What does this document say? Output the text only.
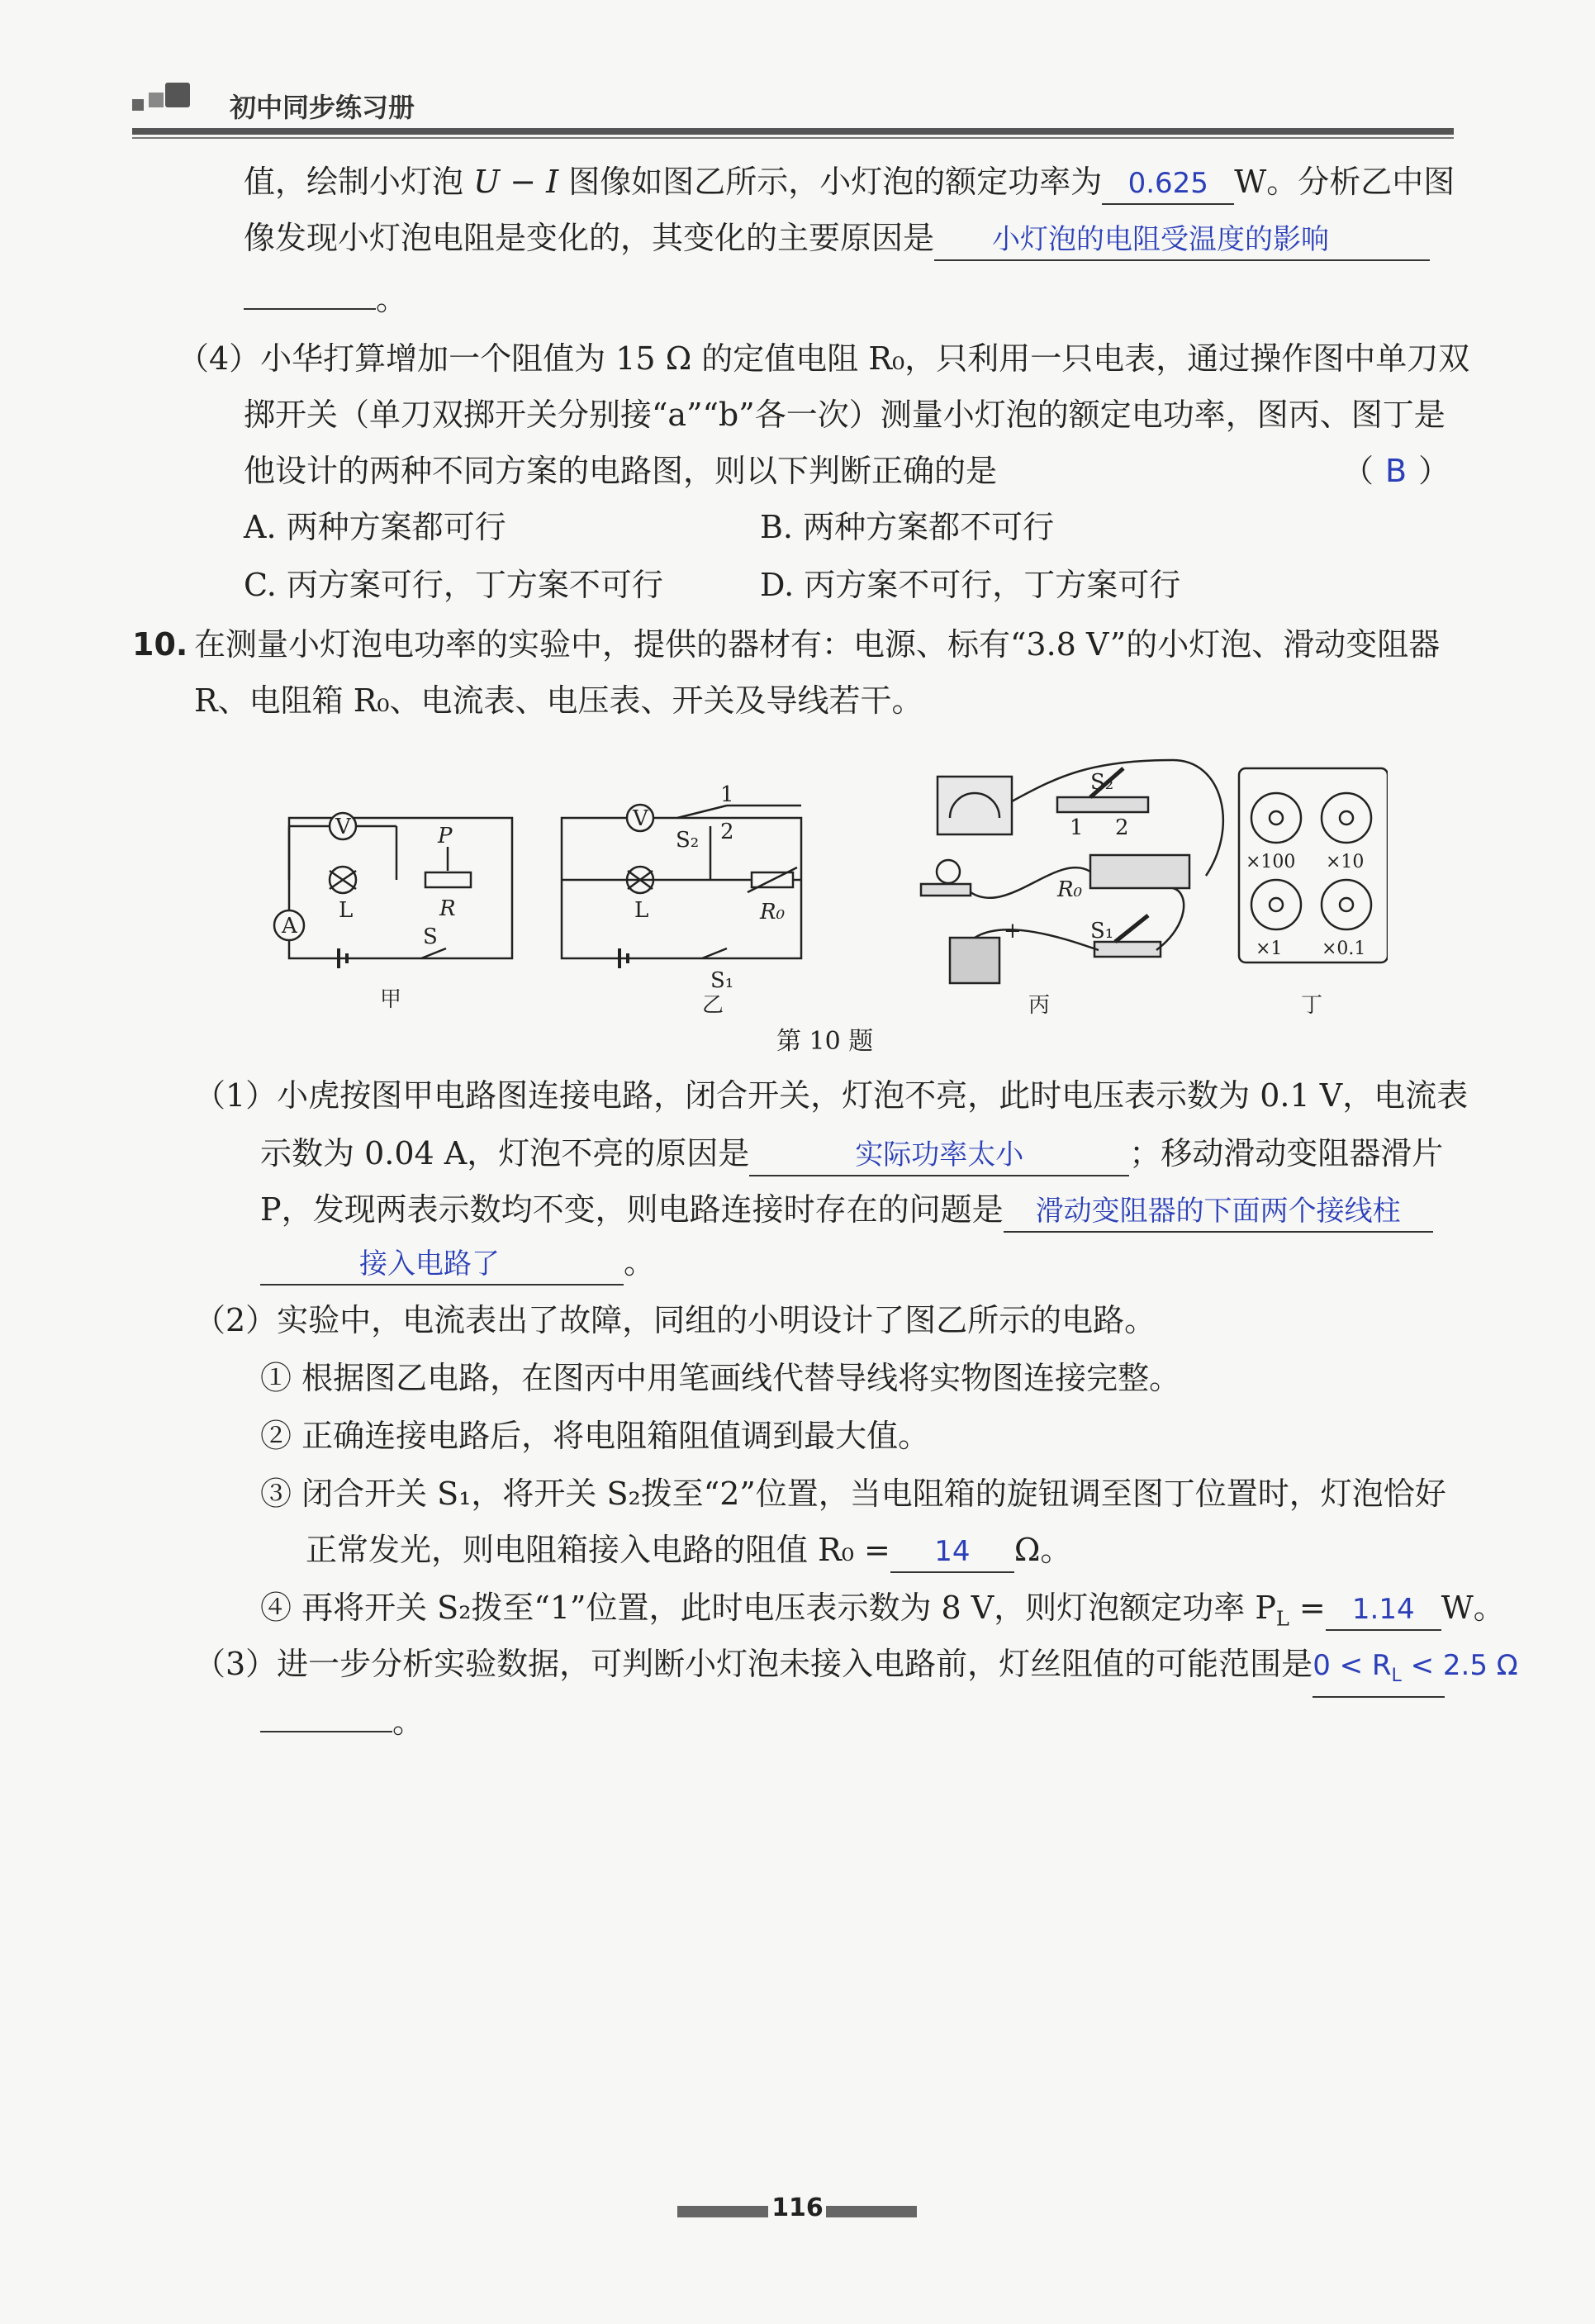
初中同步练习册
值，绘制小灯泡 U − I 图像如图乙所示，小灯泡的额定功率为 0.625 W。分析乙中图
像发现小灯泡电阻是变化的，其变化的主要原因是 小灯泡的电阻受温度的影响
。
（4）小华打算增加一个阻值为 15 Ω 的定值电阻 R₀，只利用一只电表，通过操作图中单刀双
掷开关（单刀双掷开关分别接“a”“b”各一次）测量小灯泡的额定电功率，图丙、图丁是
他设计的两种不同方案的电路图，则以下判断正确的是	（ B ）
A. 两种方案都可行	B. 两种方案都不可行
C. 丙方案可行，丁方案不可行	D. 丙方案不可行，丁方案可行
10. 在测量小灯泡电功率的实验中，提供的器材有：电源、标有“3.8 V”的小灯泡、滑动变阻器
R、电阻箱 R₀、电流表、电压表、开关及导线若干。
V
A
L
P
R
S
甲
V
L
S₂
1
2
R₀
S₁
乙
S₂
1 2
R₀
S₁
+
丙
×100 ×10
×1 ×0.1
丁
第 10 题
（1）小虎按图甲电路图连接电路，闭合开关，灯泡不亮，此时电压表示数为 0.1 V，电流表
示数为 0.04 A，灯泡不亮的原因是	实际功率太小	；移动滑动变阻器滑片
P，发现两表示数均不变，则电路连接时存在的问题是 滑动变阻器的下面两个接线柱
接入电路了	。
（2）实验中，电流表出了故障，同组的小明设计了图乙所示的电路。
① 根据图乙电路，在图丙中用笔画线代替导线将实物图连接完整。
② 正确连接电路后，将电阻箱阻值调到最大值。
③ 闭合开关 S₁，将开关 S₂拨至“2”位置，当电阻箱的旋钮调至图丁位置时，灯泡恰好
正常发光，则电阻箱接入电路的阻值 R₀ = 14 Ω。
④ 再将开关 S₂拨至“1”位置，此时电压表示数为 8 V，则灯泡额定功率 $P_L = 1.14$ W。
（3）进一步分析实验数据，可判断小灯泡未接入电路前，灯丝阻值的可能范围是$0 < R_L < 2.5$ Ω
。
116
